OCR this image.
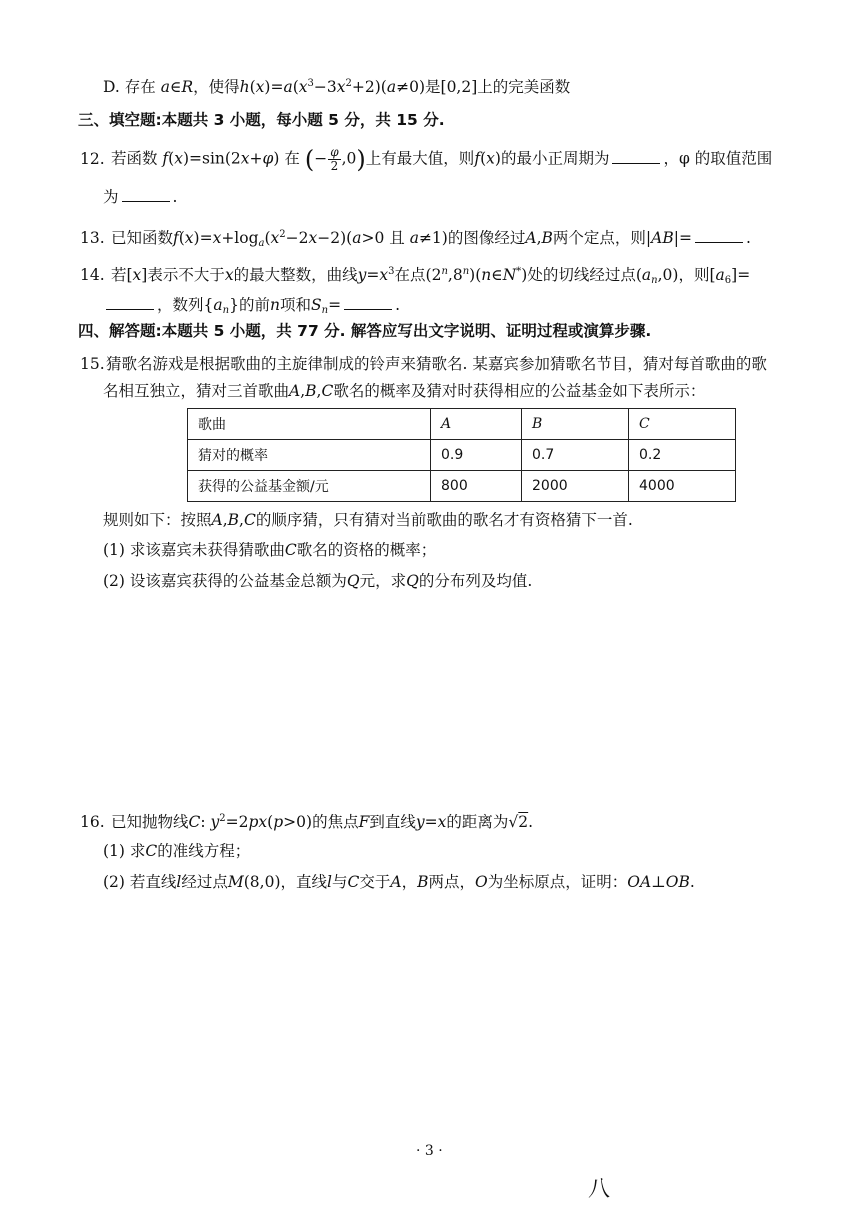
D. 存在 a∈R，使得$h(x)=a(x^3-3x^2+2)(a\ne 0)$是[0,2]上的完美函数
三、填空题:本题共 3 小题，每小题 5 分，共 15 分.
12. 若函数 f(x)=sin(2x+φ) 在 (− $\frac{\varphi}{2} ,0$)上有最大值，则f(x)的最小正周期为	，φ 的取值范围
为	.
13. 已知函数$f(x)=x+\log_a(x^2-2x-2)(a>0$ 且 a≠1)的图像经过A,B两个定点，则|AB|=	.
14. 若[x]表示不大于x的最大整数，曲线$y=x^3$在点(2$^n$,8$^n$)(n∈N*)处的切线经过点$(a_n,0)$，则$[a_6]=$
，数列$\{a_n\}$的前n项和$S_n=$	.
四、解答题:本题共 5 小题，共 77 分. 解答应写出文字说明、证明过程或演算步骤.
15.猜歌名游戏是根据歌曲的主旋律制成的铃声来猜歌名. 某嘉宾参加猜歌名节目，猜对每首歌曲的歌
名相互独立，猜对三首歌曲A,B,C歌名的概率及猜对时获得相应的公益基金如下表所示：
歌曲	A	B	C
猜对的概率	0.9	0.7	0.2
获得的公益基金额/元	800	2000	4000
规则如下：按照A,B,C的顺序猜，只有猜对当前歌曲的歌名才有资格猜下一首.
(1) 求该嘉宾未获得猜歌曲C歌名的资格的概率；
(2) 设该嘉宾获得的公益基金总额为Q元，求Q的分布列及均值.
16. 已知抛物线C: $y^2=2px(p>0)$的焦点F到直线y=x的距离为√2.
(1) 求C的准线方程；
(2) 若直线l经过点M(8,0)，直线l与C交于A，B两点，O为坐标原点，证明：OA⊥OB.
· 3 ·
八
